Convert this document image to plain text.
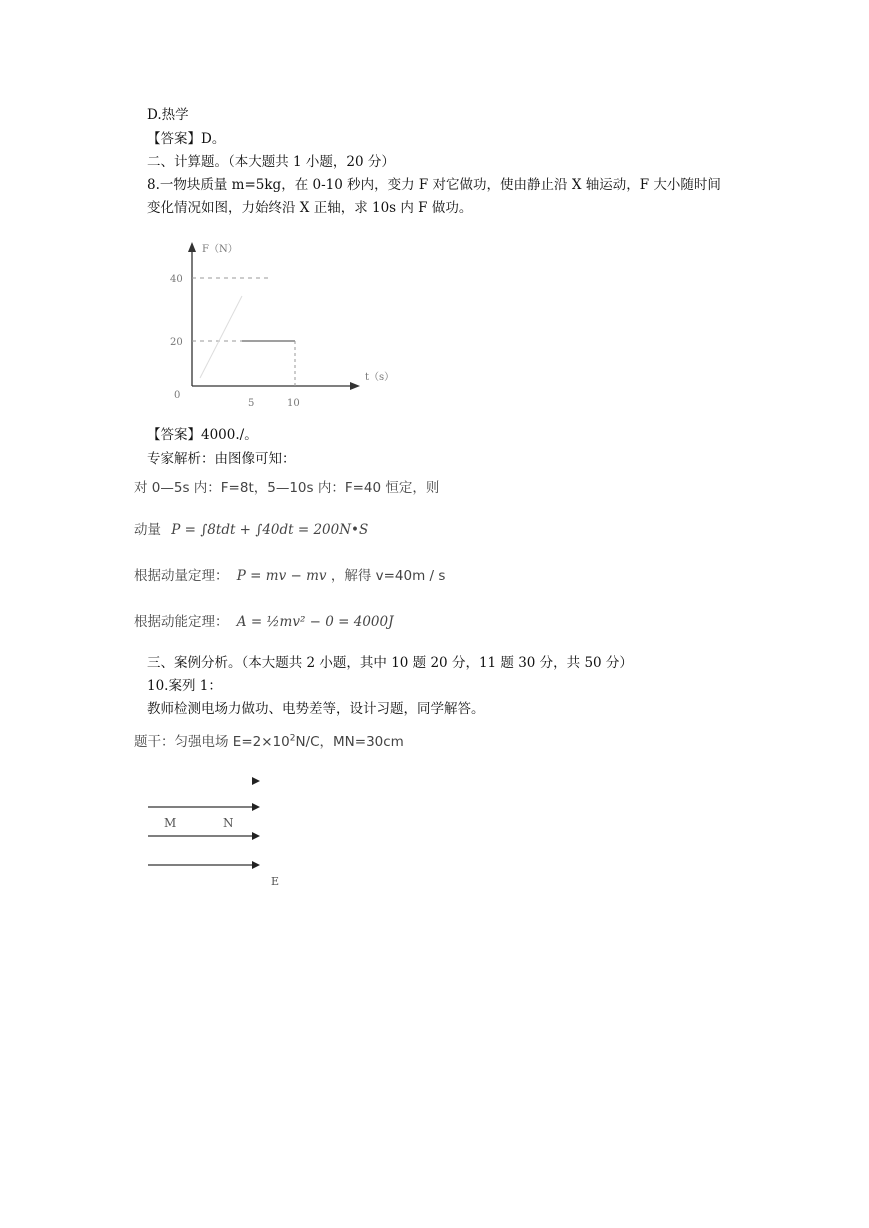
D.热学
【答案】D。
二、计算题。（本大题共 1 小题，20 分）
8.一物块质量 m=5kg，在 0-10 秒内，变力 F 对它做功，使由静止沿 X 轴运动，F 大小随时间
变化情况如图，力始终沿 X 正轴，求 10s 内 F 做功。
F（N）
t（s）
40
20
0
5	10
【答案】4000./。
专家解析：由图像可知：
对 0—5s 内：F=8t，5—10s 内：F=40 恒定，则
动量 P = ∫8tdt + ∫40dt = 200N•S
根据动量定理： P = mv − mv ，解得 v=40m / s
根据动能定理： A = ½mv² − 0 = 4000J
三、案例分析。（本大题共 2 小题，其中 10 题 20 分，11 题 30 分，共 50 分）
10.案列 1：
教师检测电场力做功、电势差等，设计习题，同学解答。
题干：匀强电场 $E=2\times 10^2N/C$，MN=30cm
M	N
E
